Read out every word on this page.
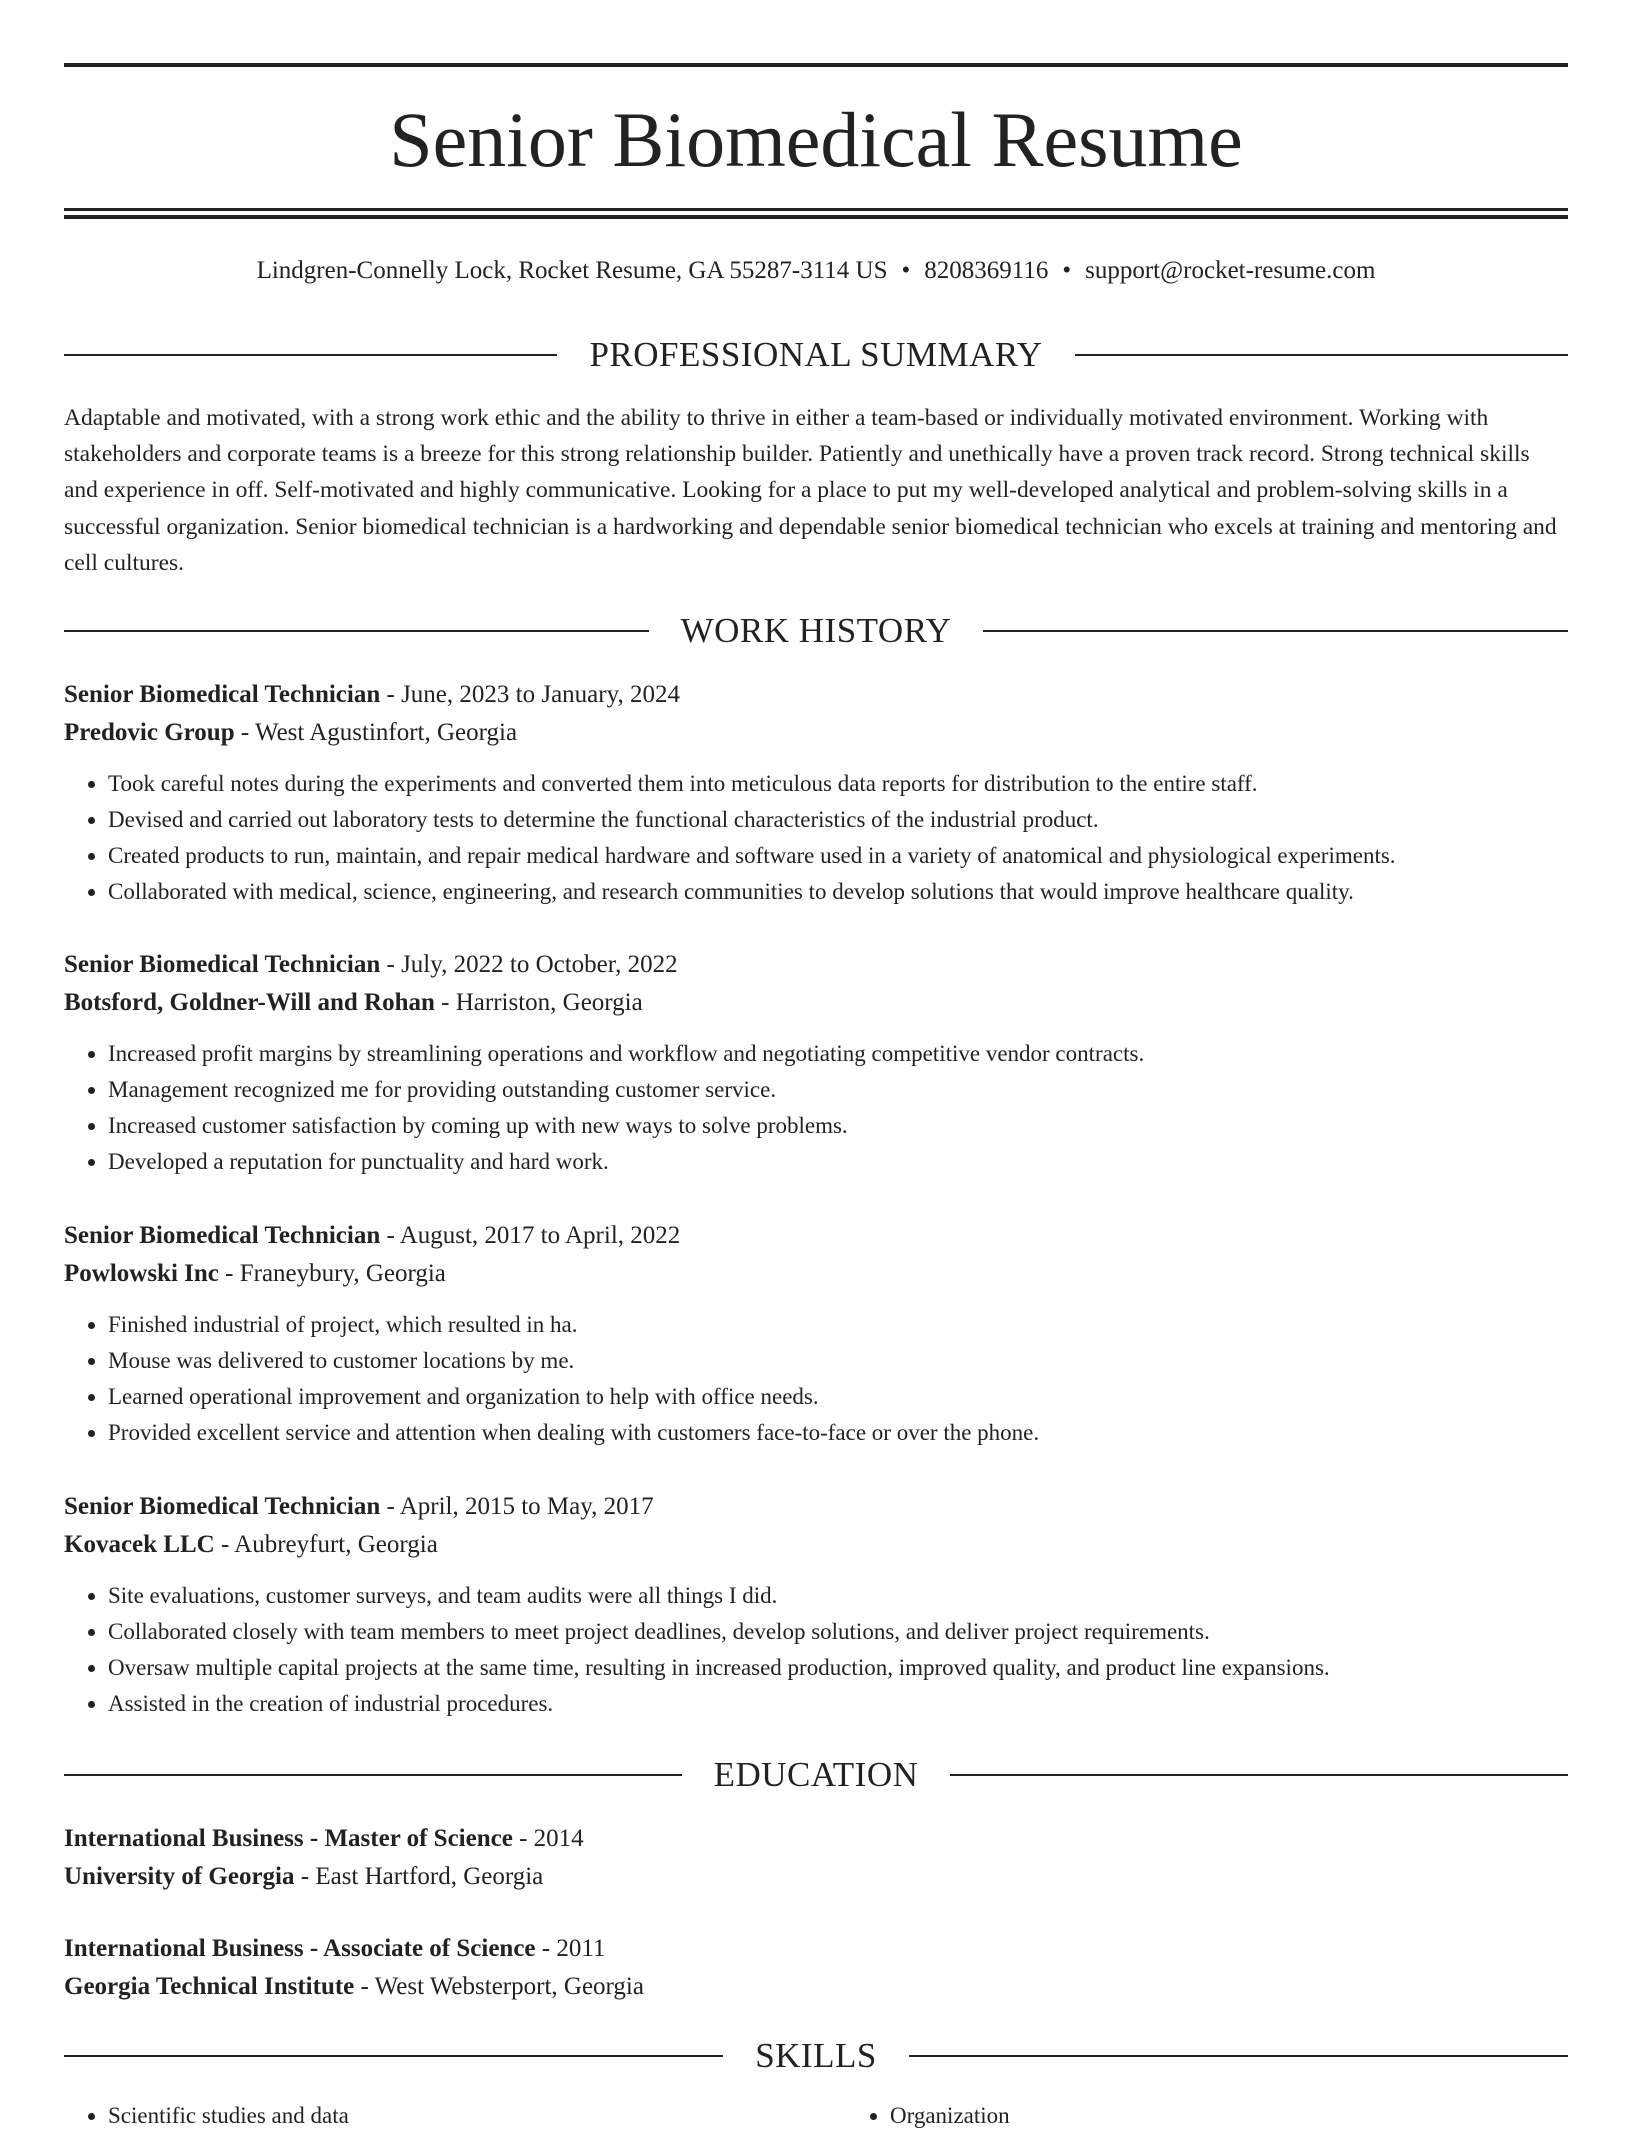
Senior Biomedical Resume
Lindgren-Connelly Lock, Rocket Resume, GA 55287-3114 US • 8208369116 • support@rocket-resume.com
PROFESSIONAL SUMMARY

Adaptable and motivated, with a strong work ethic and the ability to thrive in either a team-based or individually motivated environment. Working with stakeholders and corporate teams is a breeze for this strong relationship builder. Patiently and unethically have a proven track record. Strong technical skills and experience in off. Self-motivated and highly communicative. Looking for a place to put my well-developed analytical and problem-solving skills in a successful organization. Senior biomedical technician is a hardworking and dependable senior biomedical technician who excels at training and mentoring and cell cultures.

WORK HISTORY
Senior Biomedical Technician - June, 2023 to January, 2024
Predovic Group - West Agustinfort, Georgia
• Took careful notes during the experiments and converted them into meticulous data reports for distribution to the entire staff.
• Devised and carried out laboratory tests to determine the functional characteristics of the industrial product.
• Created products to run, maintain, and repair medical hardware and software used in a variety of anatomical and physiological experiments.
• Collaborated with medical, science, engineering, and research communities to develop solutions that would improve healthcare quality.
Senior Biomedical Technician - July, 2022 to October, 2022
Botsford, Goldner-Will and Rohan - Harriston, Georgia
• Increased profit margins by streamlining operations and workflow and negotiating competitive vendor contracts.
• Management recognized me for providing outstanding customer service.
• Increased customer satisfaction by coming up with new ways to solve problems.
• Developed a reputation for punctuality and hard work.
Senior Biomedical Technician - August, 2017 to April, 2022
Powlowski Inc - Franeybury, Georgia
• Finished industrial of project, which resulted in ha.
• Mouse was delivered to customer locations by me.
• Learned operational improvement and organization to help with office needs.
• Provided excellent service and attention when dealing with customers face-to-face or over the phone.
Senior Biomedical Technician - April, 2015 to May, 2017
Kovacek LLC - Aubreyfurt, Georgia
• Site evaluations, customer surveys, and team audits were all things I did.
• Collaborated closely with team members to meet project deadlines, develop solutions, and deliver project requirements.
• Oversaw multiple capital projects at the same time, resulting in increased production, improved quality, and product line expansions.
• Assisted in the creation of industrial procedures.
EDUCATION
International Business - Master of Science - 2014
University of Georgia - East Hartford, Georgia
International Business - Associate of Science - 2011
Georgia Technical Institute - West Websterport, Georgia
SKILLS
• Scientific studies and data
•	Organization
